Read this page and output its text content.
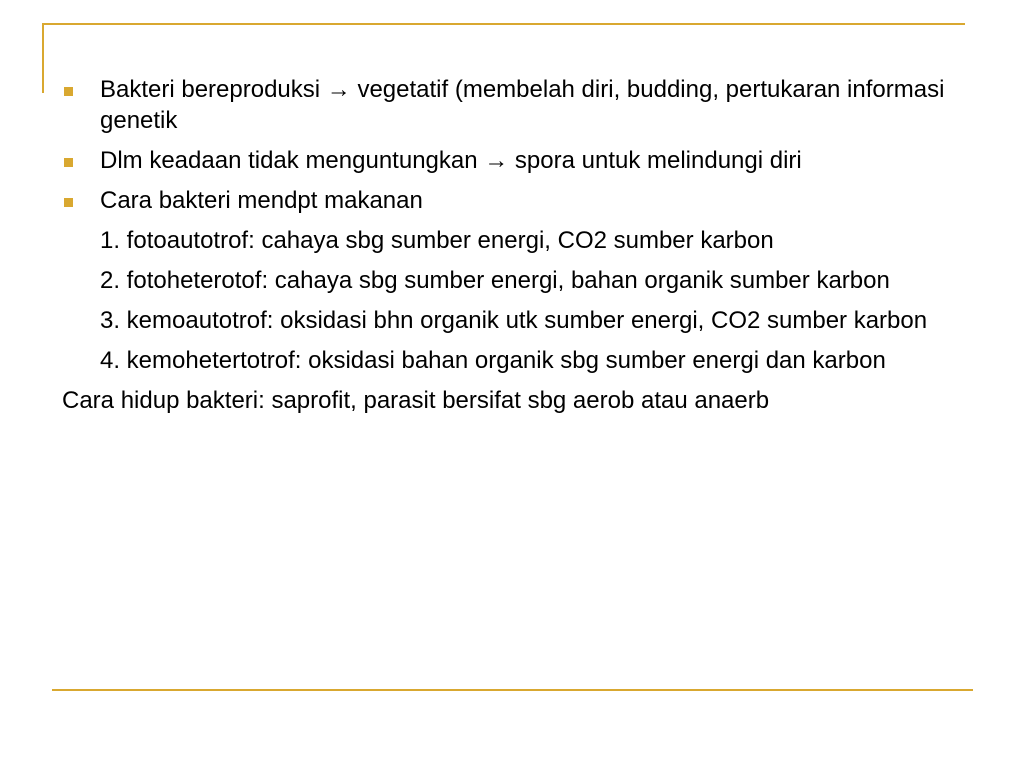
Bakteri bereproduksi → vegetatif (membelah diri, budding, pertukaran informasi genetik
Dlm keadaan tidak menguntungkan → spora untuk melindungi diri
Cara bakteri mendpt makanan
1. fotoautotrof: cahaya sbg sumber energi, CO2 sumber karbon
2. fotoheterotof: cahaya sbg sumber energi, bahan organik sumber karbon
3. kemoautotrof: oksidasi bhn organik utk sumber energi, CO2 sumber karbon
4. kemohetertotrof: oksidasi bahan organik sbg sumber energi dan karbon
Cara hidup bakteri: saprofit, parasit bersifat sbg aerob atau anaerb
